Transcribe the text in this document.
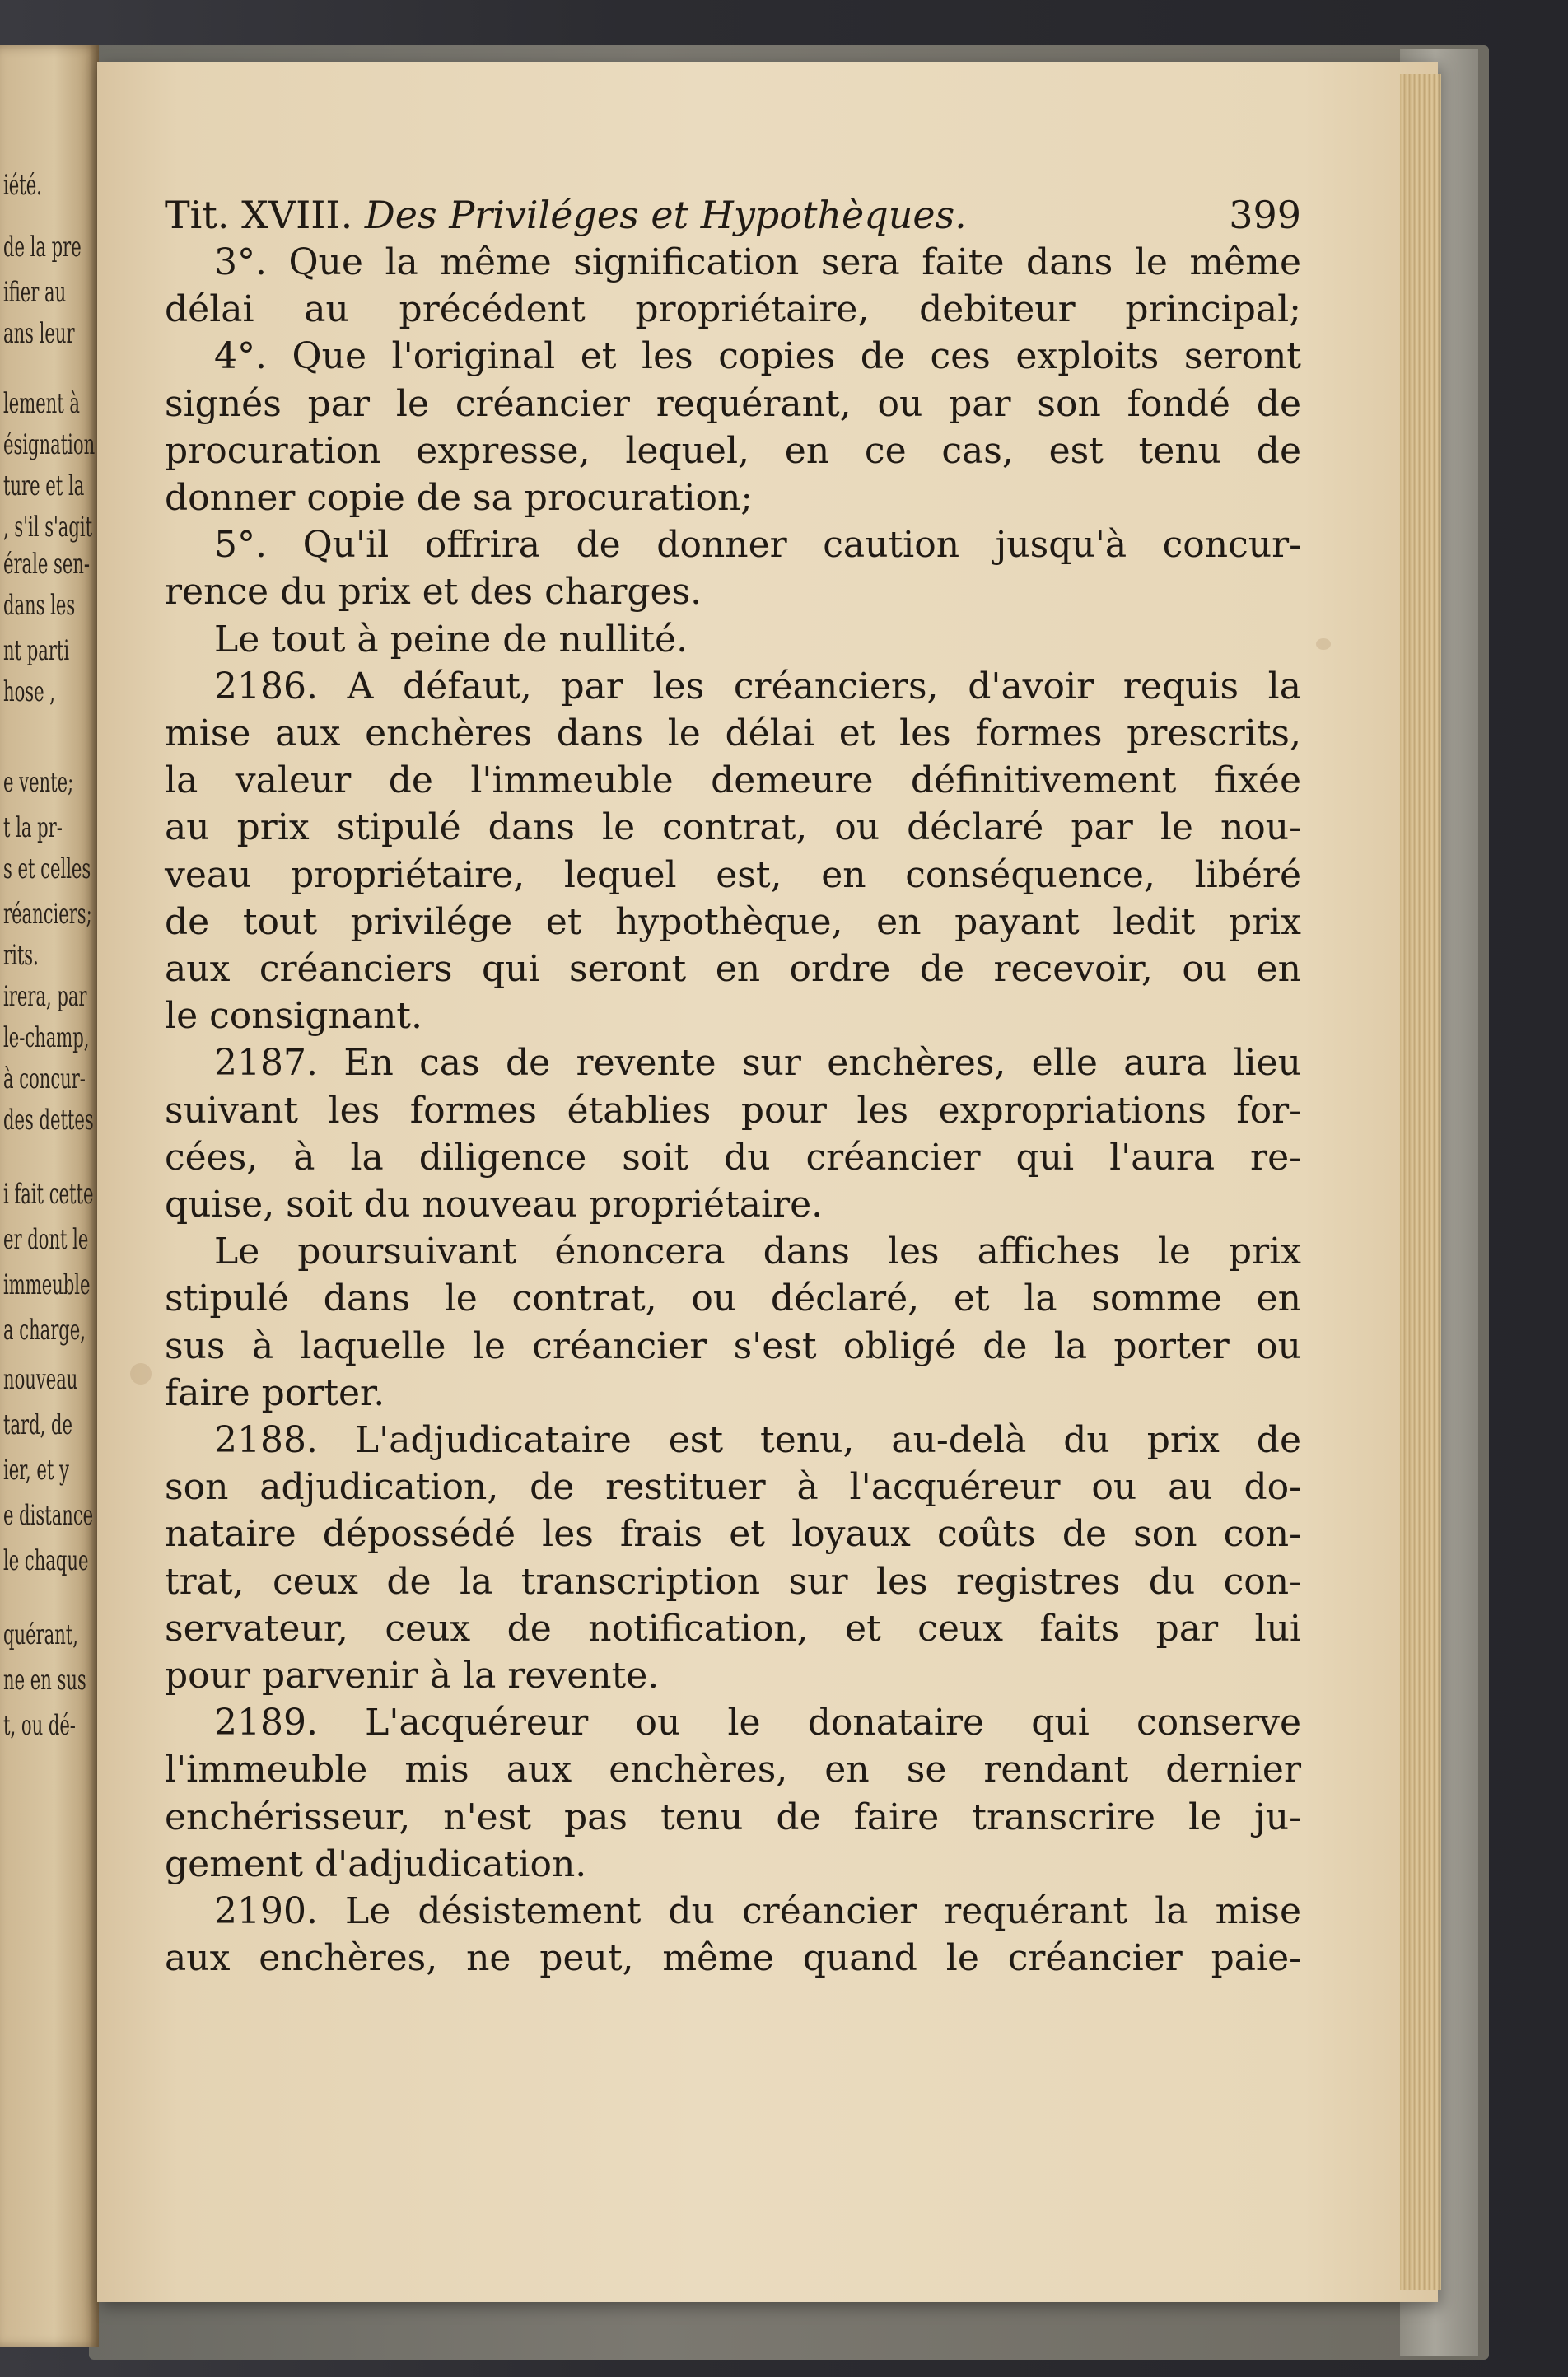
iété.
de la pre
ifier au
ans leur
lement à
ésignation
ture et la
, s'il s'agit
érale sen-
dans les
nt parti
hose ,
e vente;
t la pr-
s et celles
réanciers;
rits.
irera, par
le-champ,
à concur-
des dettes
i fait cette
er dont le
immeuble
a charge,
nouveau
tard, de
ier, et y
e distance
le chaque
quérant,
ne en sus
t, ou dé-
Tit. XVIII. Des Priviléges et Hypothèques.	399
3°. Que la même signification sera faite dans le même
délai au précédent propriétaire, debiteur principal;
4°. Que l'original et les copies de ces exploits seront
signés par le créancier requérant, ou par son fondé de
procuration expresse, lequel, en ce cas, est tenu de
donner copie de sa procuration;
5°. Qu'il offrira de donner caution jusqu'à concur-
rence du prix et des charges.
Le tout à peine de nullité.
2186. A défaut, par les créanciers, d'avoir requis la
mise aux enchères dans le délai et les formes prescrits,
la valeur de l'immeuble demeure définitivement fixée
au prix stipulé dans le contrat, ou déclaré par le nou-
veau propriétaire, lequel est, en conséquence, libéré
de tout privilége et hypothèque, en payant ledit prix
aux créanciers qui seront en ordre de recevoir, ou en
le consignant.
2187. En cas de revente sur enchères, elle aura lieu
suivant les formes établies pour les expropriations for-
cées, à la diligence soit du créancier qui l'aura re-
quise, soit du nouveau propriétaire.
Le poursuivant énoncera dans les affiches le prix
stipulé dans le contrat, ou déclaré, et la somme en
sus à laquelle le créancier s'est obligé de la porter ou
faire porter.
2188. L'adjudicataire est tenu, au-delà du prix de
son adjudication, de restituer à l'acquéreur ou au do-
nataire dépossédé les frais et loyaux coûts de son con-
trat, ceux de la transcription sur les registres du con-
servateur, ceux de notification, et ceux faits par lui
pour parvenir à la revente.
2189. L'acquéreur ou le donataire qui conserve
l'immeuble mis aux enchères, en se rendant dernier
enchérisseur, n'est pas tenu de faire transcrire le ju-
gement d'adjudication.
2190. Le désistement du créancier requérant la mise
aux enchères, ne peut, même quand le créancier paie-
